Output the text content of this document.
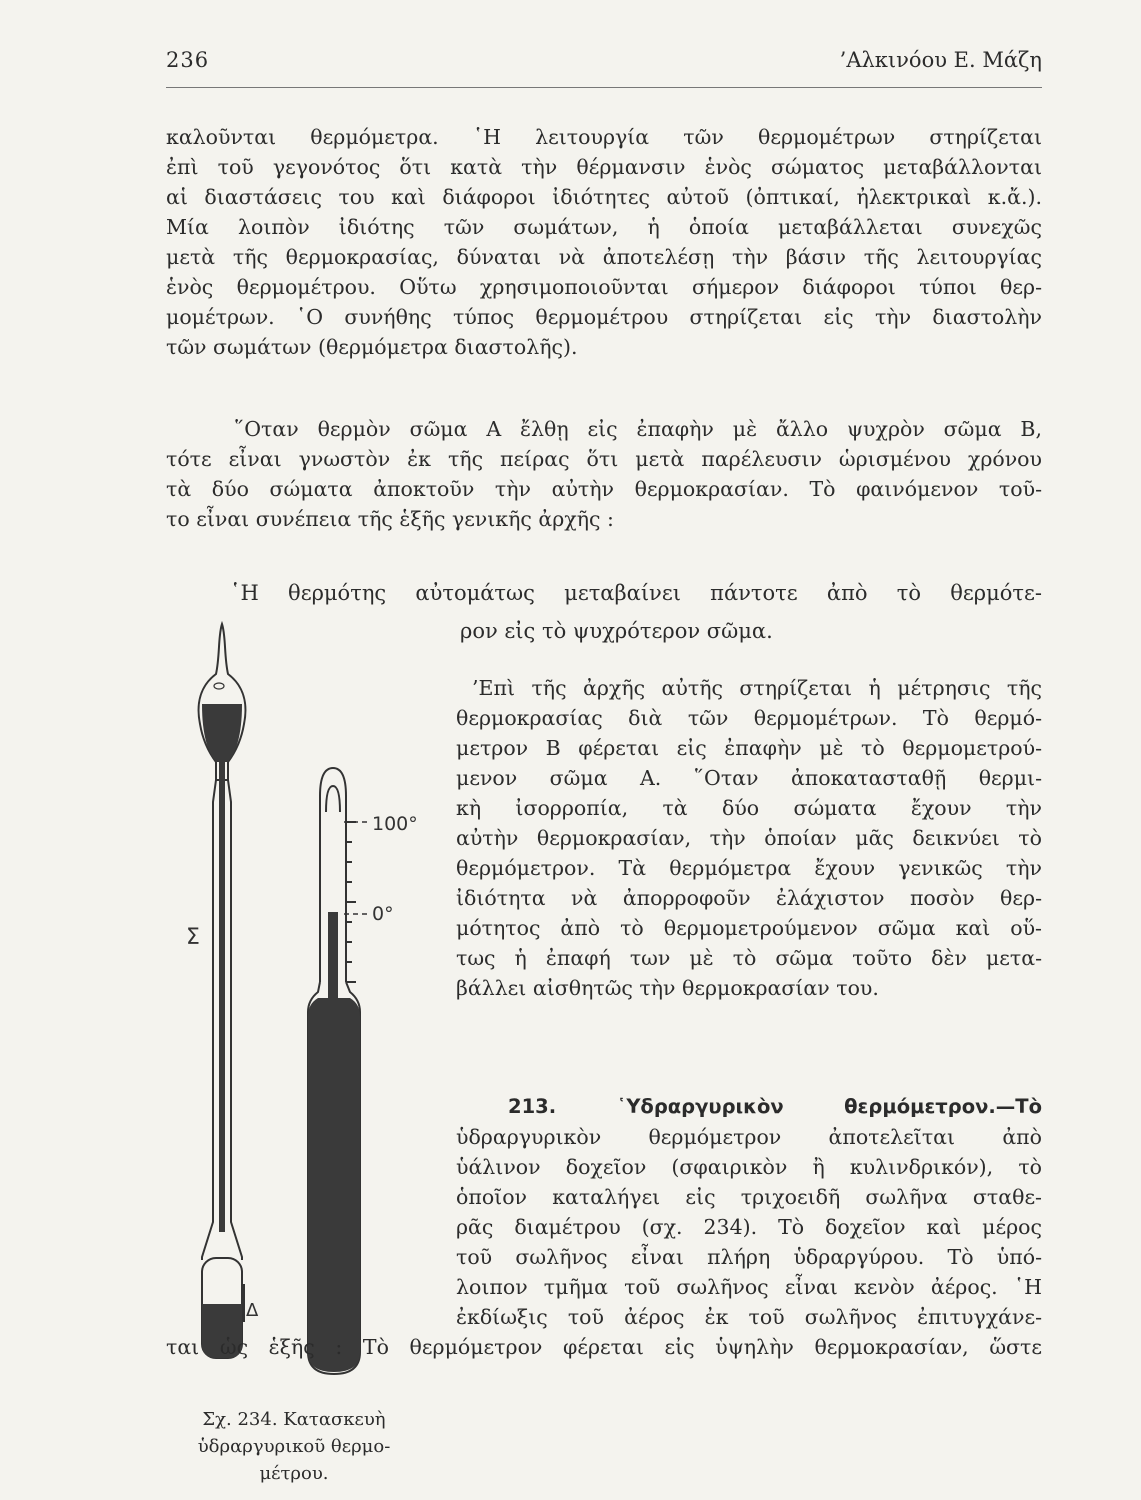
236	’Αλκινόου Ε. Μάζη
καλοῦνται θερμόμετρα. ῾Η λειτουργία τῶν θερμομέτρων στηρίζεται
ἐπὶ τοῦ γεγονότος ὅτι κατὰ τὴν θέρμανσιν ἑνὸς σώματος μεταβάλλονται
αἱ διαστάσεις του καὶ διάφοροι ἰδιότητες αὐτοῦ (ὀπτικαί, ἠλεκτρικαὶ κ.ἄ.).
Μία λοιπὸν ἰδιότης τῶν σωμάτων, ἡ ὁποία μεταβάλλεται συνεχῶς
μετὰ τῆς θερμοκρασίας, δύναται νὰ ἀποτελέσῃ τὴν βάσιν τῆς λειτουργίας
ἑνὸς θερμομέτρου. Οὕτω χρησιμοποιοῦνται σήμερον διάφοροι τύποι θερ-
μομέτρων. ῾Ο συνήθης τύπος θερμομέτρου στηρίζεται εἰς τὴν διαστολὴν
τῶν σωμάτων (θερμόμετρα διαστολῆς).
῞Οταν θερμὸν σῶμα Α ἔλθῃ εἰς ἐπαφὴν μὲ ἄλλο ψυχρὸν σῶμα Β,
τότε εἶναι γνωστὸν ἐκ τῆς πείρας ὅτι μετὰ παρέλευσιν ὡρισμένου χρόνου
τὰ δύο σώματα ἀποκτοῦν τὴν αὐτὴν θερμοκρασίαν. Τὸ φαινόμενον τοῦ-
το εἶναι συνέπεια τῆς ἑξῆς γενικῆς ἀρχῆς :
῾Η θερμότης αὐτομάτως μεταβαίνει πάντοτε ἀπὸ τὸ θερμότε-
ρον εἰς τὸ ψυχρότερον σῶμα.
Σ
Δ
100°
0°
Σχ. 234. Κατασκευὴ
ὑδραργυρικοῦ θερμο-
μέτρου.
’Επὶ τῆς ἀρχῆς αὐτῆς στηρίζεται ἡ μέτρησις τῆς
θερμοκρασίας διὰ τῶν θερμομέτρων. Τὸ θερμό-
μετρον Β φέρεται εἰς ἐπαφὴν μὲ τὸ θερμομετρού-
μενον σῶμα Α. ῞Οταν ἀποκατασταθῇ θερμι-
κὴ ἰσορροπία, τὰ δύο σώματα ἔχουν τὴν
αὐτὴν θερμοκρασίαν, τὴν ὁποίαν μᾶς δεικνύει τὸ
θερμόμετρον. Τὰ θερμόμετρα ἔχουν γενικῶς τὴν
ἰδιότητα νὰ ἀπορροφοῦν ἐλάχιστον ποσὸν θερ-
μότητος ἀπὸ τὸ θερμομετρούμενον σῶμα καὶ οὕ-
τως ἡ ἐπαφή των μὲ τὸ σῶμα τοῦτο δὲν μετα-
βάλλει αἰσθητῶς τὴν θερμοκρασίαν του.
213. ῾Υδραργυρικὸν θερμόμετρον.—Τὸ
ὑδραργυρικὸν θερμόμετρον ἀποτελεῖται ἀπὸ
ὑάλινον δοχεῖον (σφαιρικὸν ἢ κυλινδρικόν), τὸ
ὁποῖον καταλήγει εἰς τριχοειδῆ σωλῆνα σταθε-
ρᾶς διαμέτρου (σχ. 234). Τὸ δοχεῖον καὶ μέρος
τοῦ σωλῆνος εἶναι πλήρη ὑδραργύρου. Τὸ ὑπό-
λοιπον τμῆμα τοῦ σωλῆνος εἶναι κενὸν ἀέρος. ῾Η
ἐκδίωξις τοῦ ἀέρος ἐκ τοῦ σωλῆνος ἐπιτυγχάνε-
ται ὡς ἑξῆς : Τὸ θερμόμετρον φέρεται εἰς ὑψηλὴν θερμοκρασίαν, ὥστε
